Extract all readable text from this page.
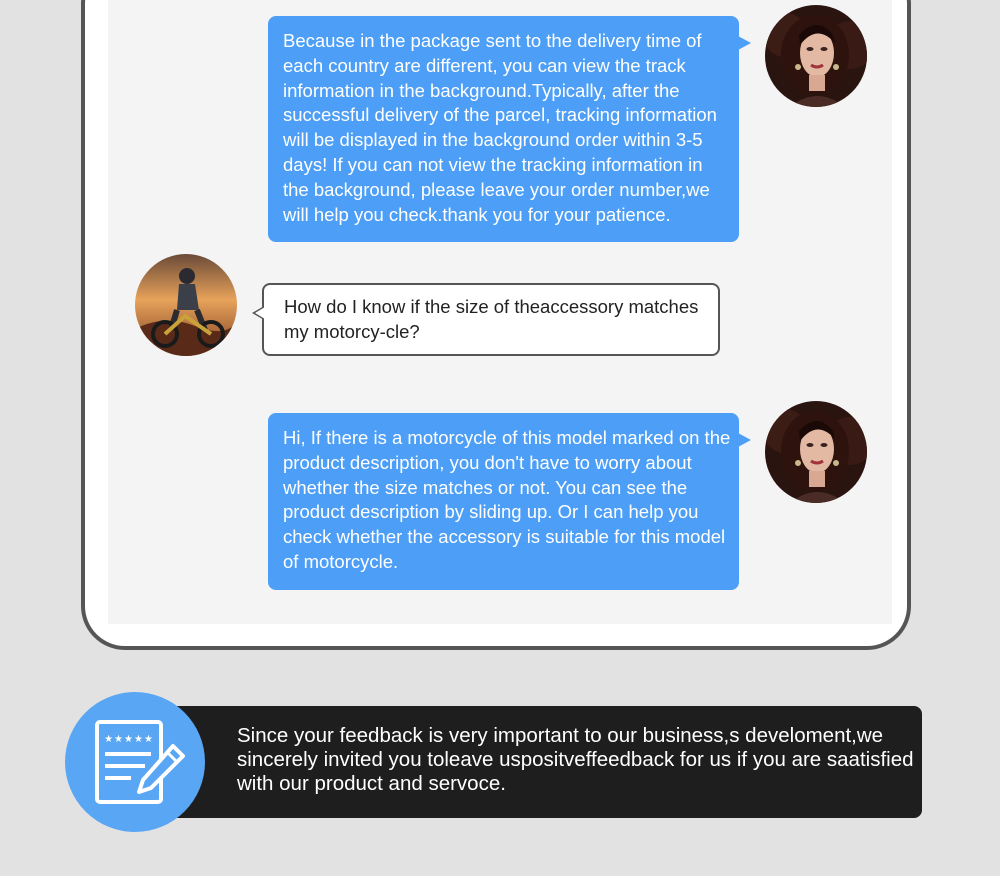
Because in the package sent to the delivery time of each country are different, you can view the track information in the background.Typically, after the successful delivery of the parcel, tracking information will be displayed in the background order within 3-5 days! If you can not view the tracking information in the background, please leave your order number,we will help you check.thank you for your patience.
How do I know if the size of theaccessory matches my motorcy-cle?
Hi, If there is a motorcycle of this model marked on the product description, you don't have to worry about whether the size matches or not. You can see the product description by sliding up. Or I can help you check whether the accessory is suitable for this model of motorcycle.
★★★★★	Since your feedback is very important to our business,s develoment,we sincerely invited you toleave uspositveffeedback for us if you are saatisfied with our product and servoce.
